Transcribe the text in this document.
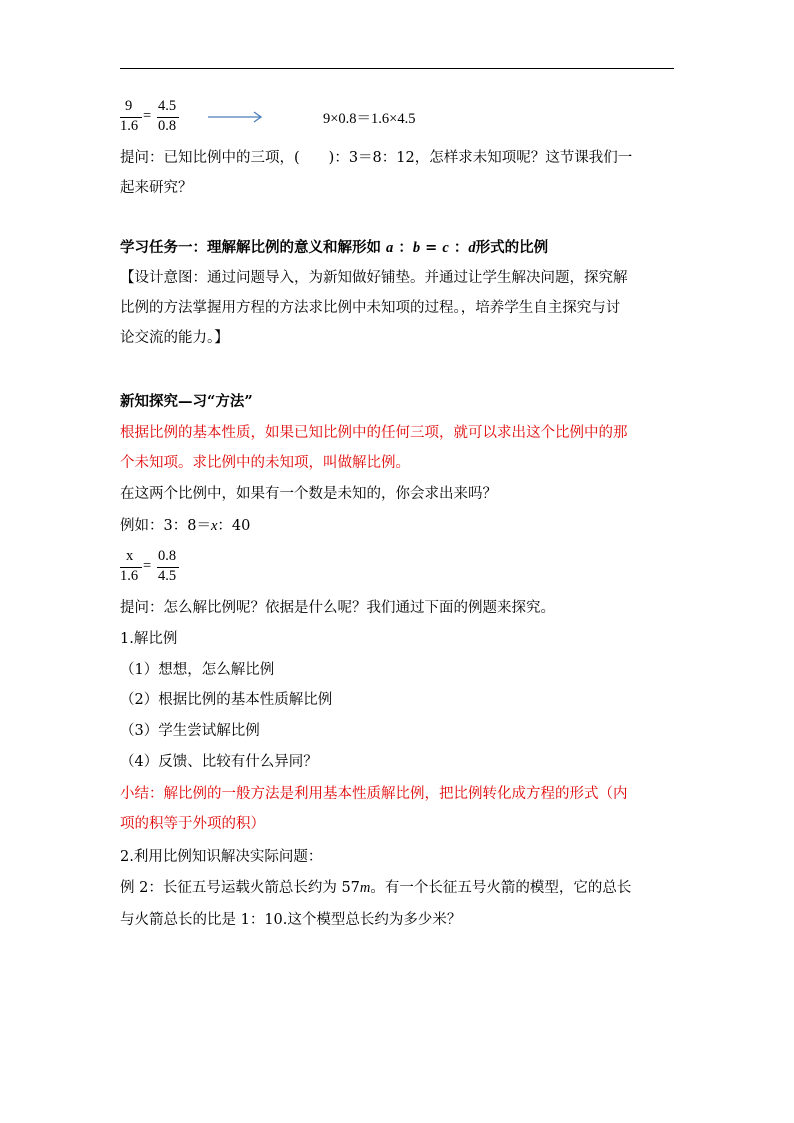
9
1.6
=
4.5
0.8	9×0.8＝1.6×4.5
提问：已知比例中的三项，(　　)：3＝8：12，怎样求未知项呢？这节课我们一
起来研究？
学习任务一：理解解比例的意义和解形如 a ：b = c ：d形式的比例
【设计意图：通过问题导入，为新知做好铺垫。并通过让学生解决问题，探究解
比例的方法掌握用方程的方法求比例中未知项的过程。，培养学生自主探究与讨
论交流的能力。】
新知探究—习“方法”
根据比例的基本性质，如果已知比例中的任何三项，就可以求出这个比例中的那
个未知项。求比例中的未知项，叫做解比例。
在这两个比例中，如果有一个数是未知的，你会求出来吗？
例如：3：8＝x：40
x
1.6
=
0.8
4.5
提问：怎么解比例呢？依据是什么呢？我们通过下面的例题来探究。
1.解比例
（1）想想，怎么解比例
（2）根据比例的基本性质解比例
（3）学生尝试解比例
（4）反馈、比较有什么异同？
小结：解比例的一般方法是利用基本性质解比例，把比例转化成方程的形式（内
项的积等于外项的积）
2.利用比例知识解决实际问题：
例 2：长征五号运载火箭总长约为 57m。有一个长征五号火箭的模型，它的总长
与火箭总长的比是 1：10.这个模型总长约为多少米？
